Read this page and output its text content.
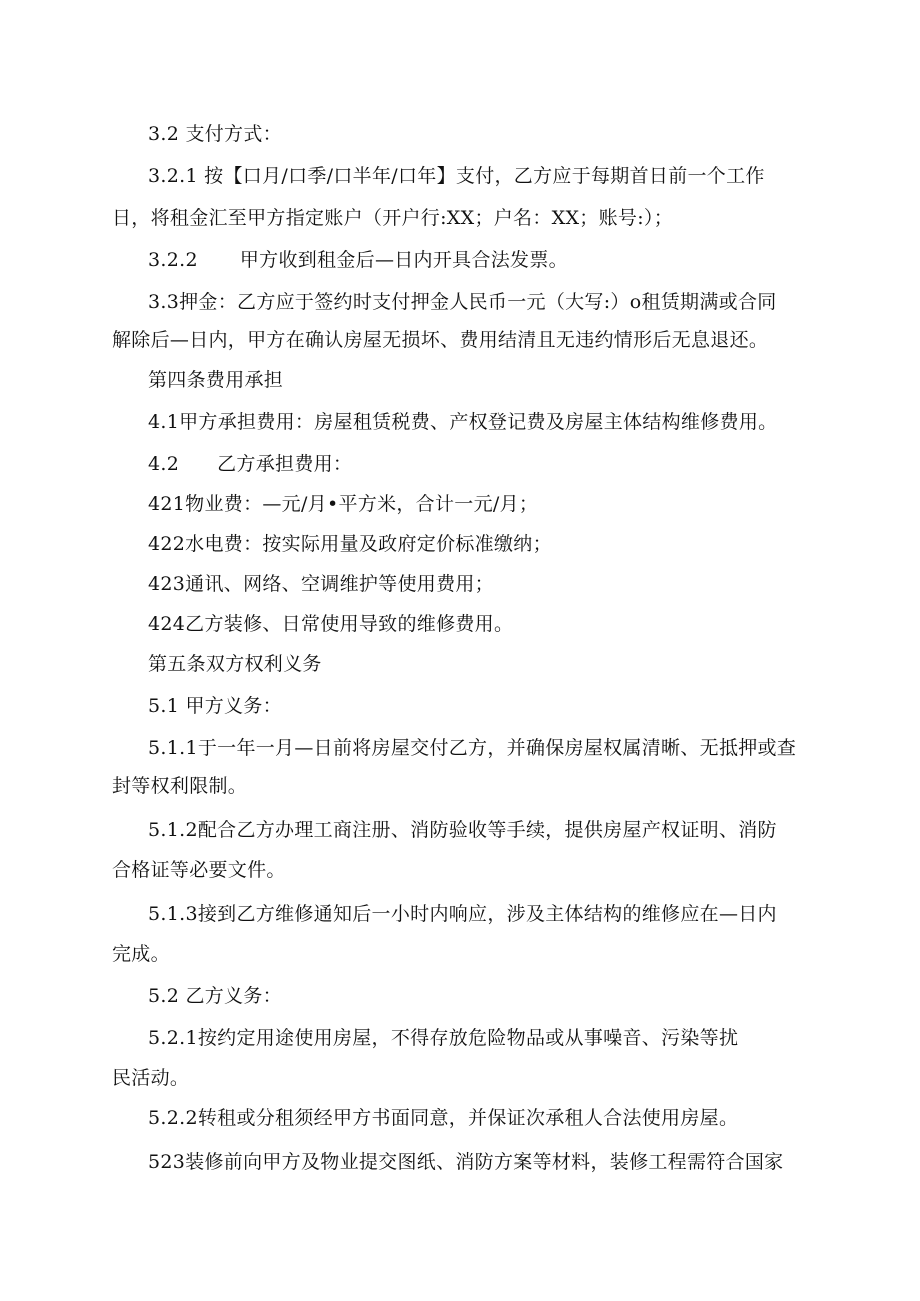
3.2 支付方式：
3.2.1 按【口月/口季/口半年/口年】支付，乙方应于每期首日前一个工作
日，将租金汇至甲方指定账户（开户行:XX；户名：XX；账号:）；
3.2.2 甲方收到租金后—日内开具合法发票。
3.3押金：乙方应于签约时支付押金人民币一元（大写:）o租赁期满或合同
解除后—日内，甲方在确认房屋无损坏、费用结清且无违约情形后无息退还。
第四条费用承担
4.1甲方承担费用：房屋租赁税费、产权登记费及房屋主体结构维修费用。
4.2 乙方承担费用：
421物业费：—元/月•平方米，合计一元/月；
422水电费：按实际用量及政府定价标准缴纳；
423通讯、网络、空调维护等使用费用；
424乙方装修、日常使用导致的维修费用。
第五条双方权利义务
5.1 甲方义务：
5.1.1于一年一月—日前将房屋交付乙方，并确保房屋权属清晰、无抵押或查
封等权利限制。
5.1.2配合乙方办理工商注册、消防验收等手续，提供房屋产权证明、消防
合格证等必要文件。
5.1.3接到乙方维修通知后一小时内响应，涉及主体结构的维修应在—日内
完成。
5.2 乙方义务：
5.2.1按约定用途使用房屋，不得存放危险物品或从事噪音、污染等扰
民活动。
5.2.2转租或分租须经甲方书面同意，并保证次承租人合法使用房屋。
523装修前向甲方及物业提交图纸、消防方案等材料，装修工程需符合国家
